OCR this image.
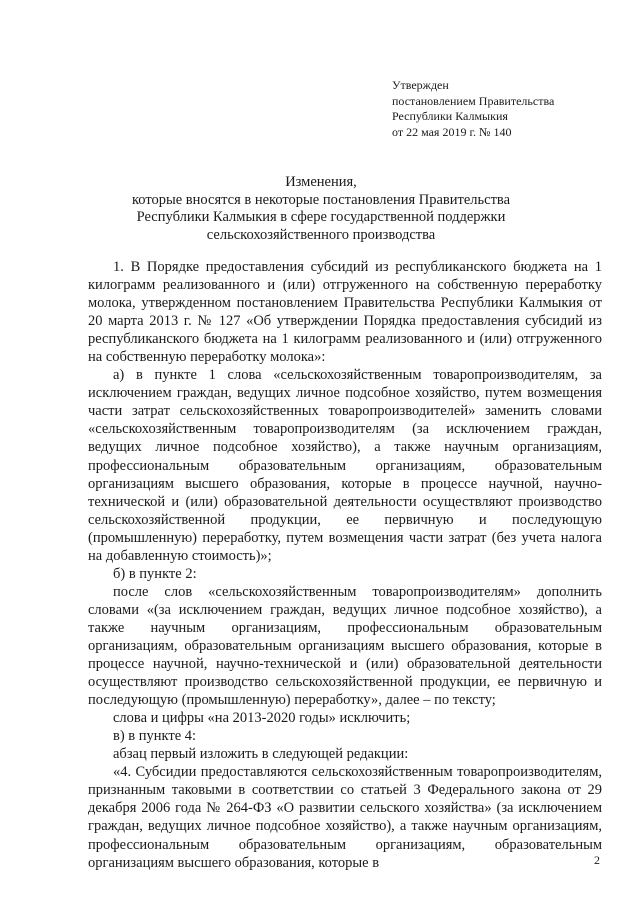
Утвержден
постановлением Правительства
Республики Калмыкия
от 22 мая 2019 г. № 140
Изменения,
которые вносятся в некоторые постановления Правительства
Республики Калмыкия в сфере государственной поддержки
сельскохозяйственного производства

1. В Порядке предоставления субсидий из республиканского бюджета на 1 килограмм реализованного и (или) отгруженного на собственную переработку молока, утвержденном постановлением Правительства Республики Калмыкия от 20 марта 2013 г. № 127 «Об утверждении Порядка предоставления субсидий из республиканского бюджета на 1 килограмм реализованного и (или) отгруженного на собственную переработку молока»:

а) в пункте 1 слова «сельскохозяйственным товаропроизводителям, за исключением граждан, ведущих личное подсобное хозяйство, путем возмещения части затрат сельскохозяйственных товаропроизводителей» заменить словами «сельскохозяйственным товаропроизводителям (за исключением граждан, ведущих личное подсобное хозяйство), а также научным организациям, профессиональным образовательным организациям, образовательным организациям высшего образования, которые в процессе научной, научно-технической и (или) образовательной деятельности осуществляют производство сельскохозяйственной продукции, ее первичную и последующую (промышленную) переработку, путем возмещения части затрат (без учета налога на добавленную стоимость)»;

б) в пункте 2:

после слов «сельскохозяйственным товаропроизводителям» дополнить словами «(за исключением граждан, ведущих личное подсобное хозяйство), а также научным организациям, профессиональным образовательным организациям, образовательным организациям высшего образования, которые в процессе научной, научно-технической и (или) образовательной деятельности осуществляют производство сельскохозяйственной продукции, ее первичную и последующую (промышленную) переработку», далее – по тексту;

слова и цифры «на 2013-2020 годы» исключить;

в) в пункте 4:

абзац первый изложить в следующей редакции:

«4. Субсидии предоставляются сельскохозяйственным товаропроизводителям, признанным таковыми в соответствии со статьей 3 Федерального закона от 29 декабря 2006 года № 264-ФЗ «О развитии сельского хозяйства» (за исключением граждан, ведущих личное подсобное хозяйство), а также научным организациям, профессиональным образовательным организациям, образовательным организациям высшего образования, которые в	2
